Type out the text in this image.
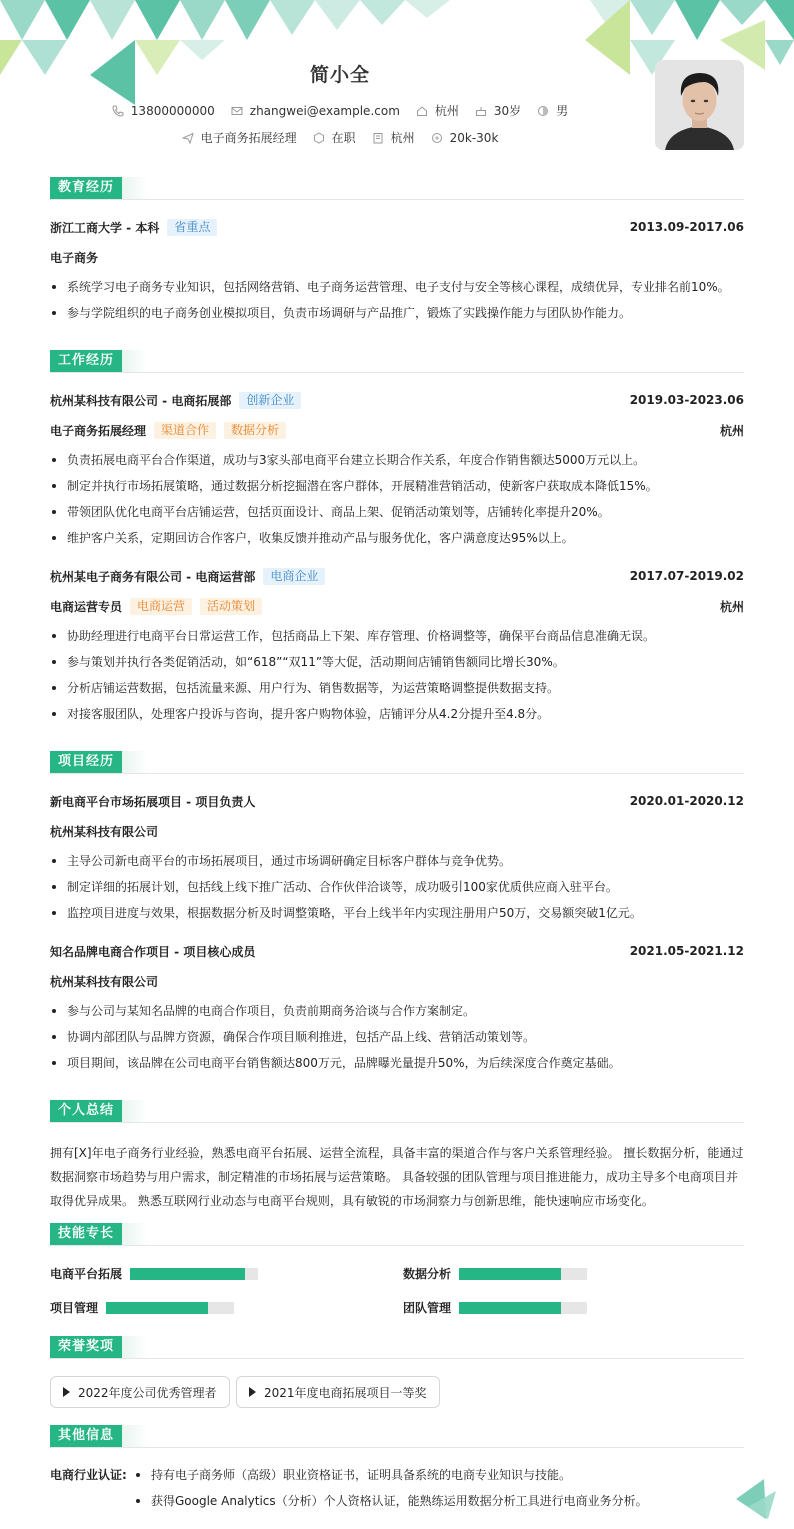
简小全
13800000000	zhangwei@example.com	杭州	30岁	男
电子商务拓展经理	在职	杭州	20k-30k
教育经历
浙江工商大学 - 本科	省重点	2013.09-2017.06
电子商务
系统学习电子商务专业知识，包括网络营销、电子商务运营管理、电子支付与安全等核心课程，成绩优异，专业排名前10%。
参与学院组织的电子商务创业模拟项目，负责市场调研与产品推广，锻炼了实践操作能力与团队协作能力。
工作经历
杭州某科技有限公司 - 电商拓展部	创新企业	2019.03-2023.06
电子商务拓展经理	渠道合作	数据分析	杭州
负责拓展电商平台合作渠道，成功与3家头部电商平台建立长期合作关系，年度合作销售额达5000万元以上。
制定并执行市场拓展策略，通过数据分析挖掘潜在客户群体，开展精准营销活动，使新客户获取成本降低15%。
带领团队优化电商平台店铺运营，包括页面设计、商品上架、促销活动策划等，店铺转化率提升20%。
维护客户关系，定期回访合作客户，收集反馈并推动产品与服务优化，客户满意度达95%以上。
杭州某电子商务有限公司 - 电商运营部	电商企业	2017.07-2019.02
电商运营专员	电商运营	活动策划	杭州
协助经理进行电商平台日常运营工作，包括商品上下架、库存管理、价格调整等，确保平台商品信息准确无误。
参与策划并执行各类促销活动，如“618”“双11”等大促，活动期间店铺销售额同比增长30%。
分析店铺运营数据，包括流量来源、用户行为、销售数据等，为运营策略调整提供数据支持。
对接客服团队，处理客户投诉与咨询，提升客户购物体验，店铺评分从4.2分提升至4.8分。
项目经历
新电商平台市场拓展项目 - 项目负责人	2020.01-2020.12
杭州某科技有限公司
主导公司新电商平台的市场拓展项目，通过市场调研确定目标客户群体与竞争优势。
制定详细的拓展计划，包括线上线下推广活动、合作伙伴洽谈等，成功吸引100家优质供应商入驻平台。
监控项目进度与效果，根据数据分析及时调整策略，平台上线半年内实现注册用户50万，交易额突破1亿元。
知名品牌电商合作项目 - 项目核心成员	2021.05-2021.12
杭州某科技有限公司
参与公司与某知名品牌的电商合作项目，负责前期商务洽谈与合作方案制定。
协调内部团队与品牌方资源，确保合作项目顺利推进，包括产品上线、营销活动策划等。
项目期间，该品牌在公司电商平台销售额达800万元，品牌曝光量提升50%，为后续深度合作奠定基础。
个人总结
拥有[X]年电子商务行业经验，熟悉电商平台拓展、运营全流程，具备丰富的渠道合作与客户关系管理经验。 擅长数据分析，能通过数据洞察市场趋势与用户需求，制定精准的市场拓展与运营策略。 具备较强的团队管理与项目推进能力，成功主导多个电商项目并取得优异成果。 熟悉互联网行业动态与电商平台规则，具有敏锐的市场洞察力与创新思维，能快速响应市场变化。
技能专长
电商平台拓展	数据分析
项目管理	团队管理
荣誉奖项
2022年度公司优秀管理者	2021年度电商拓展项目一等奖
其他信息
电商行业认证:	持有电子商务师（高级）职业资格证书，证明具备系统的电商专业知识与技能。
获得Google Analytics（分析）个人资格认证，能熟练运用数据分析工具进行电商业务分析。
